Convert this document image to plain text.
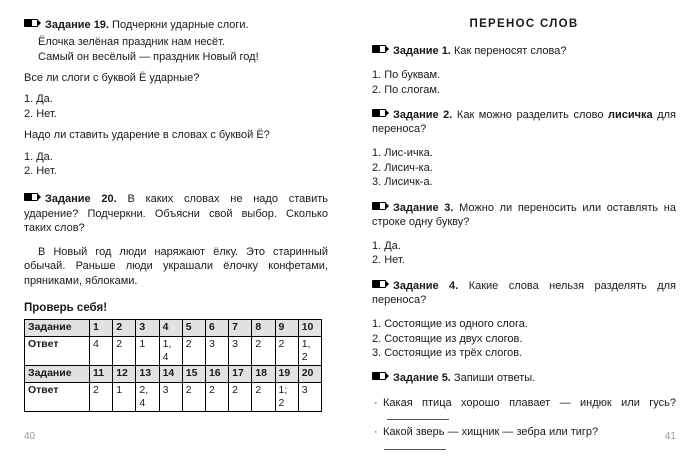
Задание 19. Подчеркни ударные слоги.

Ёлочка зелёная праздник нам несёт.

Самый он весёлый — праздник Новый год!

Все ли слоги с буквой Ё ударные?

1. Да.

2. Нет.

Надо ли ставить ударение в словах с буквой Ё?

1. Да.

2. Нет.

Задание 20. В каких словах не надо ставить ударение? Подчеркни. Объясни свой выбор. Сколько таких слов?

В Новый год люди наряжают ёлку. Это старинный обычай. Раньше люди украшали ёлочку конфетами, пряниками, яблоками.

Проверь себя!

Задание	1	2	3	4	5	6	7	8	9	10
Ответ	4	2	1	1, 4	2	3	3	2	2	1, 2
Задание	11	12	13	14	15	16	17	18	19	20
Ответ	2	1	2, 4	3	2	2	2	2	1; 2	3
40
ПЕРЕНОС СЛОВ

Задание 1. Как переносят слова?

1. По буквам.

2. По слогам.

Задание 2. Как можно разделить слово лисичка для переноса?

1. Лис-ичка.

2. Лисич-ка.

3. Лисичк-а.

Задание 3. Можно ли переносить или оставлять на строке одну букву?

1. Да.

2. Нет.

Задание 4. Какие слова нельзя разделять для переноса?

1. Состоящие из одного слога.

2. Состоящие из двух слогов.

3. Состоящие из трёх слогов.

Задание 5. Запиши ответы.

· Какая птица хорошо плавает — индюк или гусь?

· Какой зверь — хищник — зебра или тигр?	41
